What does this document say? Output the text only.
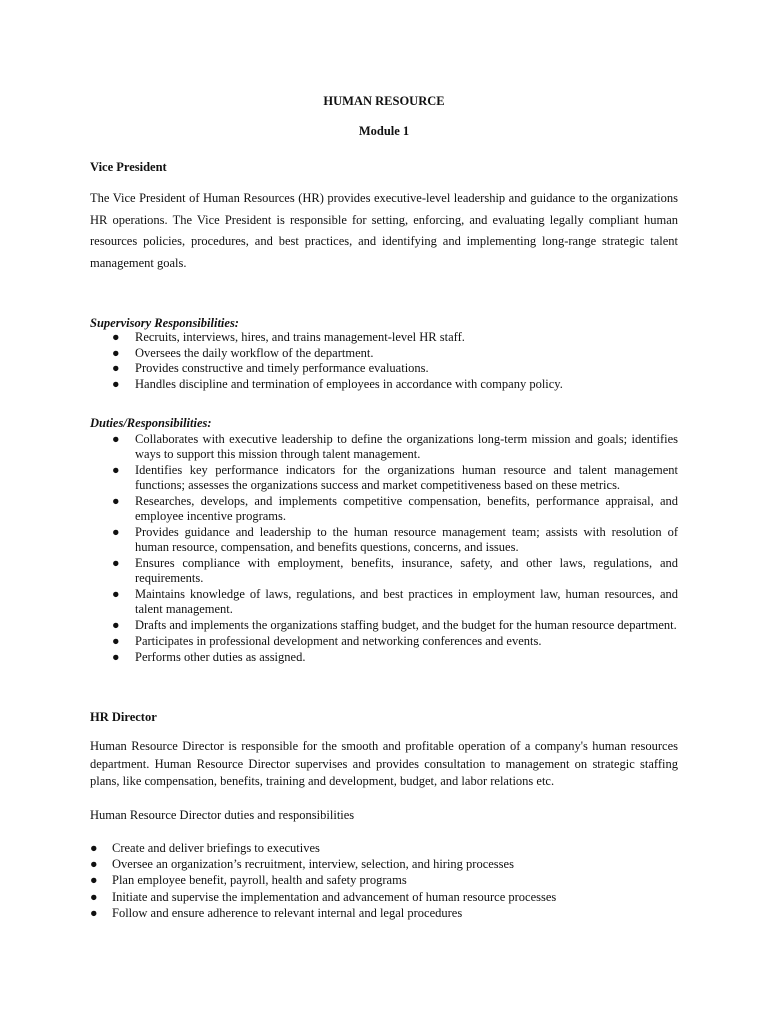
HUMAN RESOURCE
Module 1
Vice President
The Vice President of Human Resources (HR) provides executive-level leadership and guidance to the organizations HR operations. The Vice President is responsible for setting, enforcing, and evaluating legally compliant human resources policies, procedures, and best practices, and identifying and implementing long-range strategic talent management goals.
Supervisory Responsibilities:
● Recruits, interviews, hires, and trains management-level HR staff.
● Oversees the daily workflow of the department.
● Provides constructive and timely performance evaluations.
● Handles discipline and termination of employees in accordance with company policy.
Duties/Responsibilities:
● Collaborates with executive leadership to define the organizations long-term mission and goals; identifies ways to support this mission through talent management.
● Identifies key performance indicators for the organizations human resource and talent management functions; assesses the organizations success and market competitiveness based on these metrics.
● Researches, develops, and implements competitive compensation, benefits, performance appraisal, and employee incentive programs.
● Provides guidance and leadership to the human resource management team; assists with resolution of human resource, compensation, and benefits questions, concerns, and issues.
● Ensures compliance with employment, benefits, insurance, safety, and other laws, regulations, and requirements.
● Maintains knowledge of laws, regulations, and best practices in employment law, human resources, and talent management.
● Drafts and implements the organizations staffing budget, and the budget for the human resource department.
● Participates in professional development and networking conferences and events.
● Performs other duties as assigned.
HR Director
Human Resource Director is responsible for the smooth and profitable operation of a company's human resources department. Human Resource Director supervises and provides consultation to management on strategic staffing plans, like compensation, benefits, training and development, budget, and labor relations etc.
Human Resource Director duties and responsibilities
● Create and deliver briefings to executives
● Oversee an organization’s recruitment, interview, selection, and hiring processes
● Plan employee benefit, payroll, health and safety programs
● Initiate and supervise the implementation and advancement of human resource processes
● Follow and ensure adherence to relevant internal and legal procedures
